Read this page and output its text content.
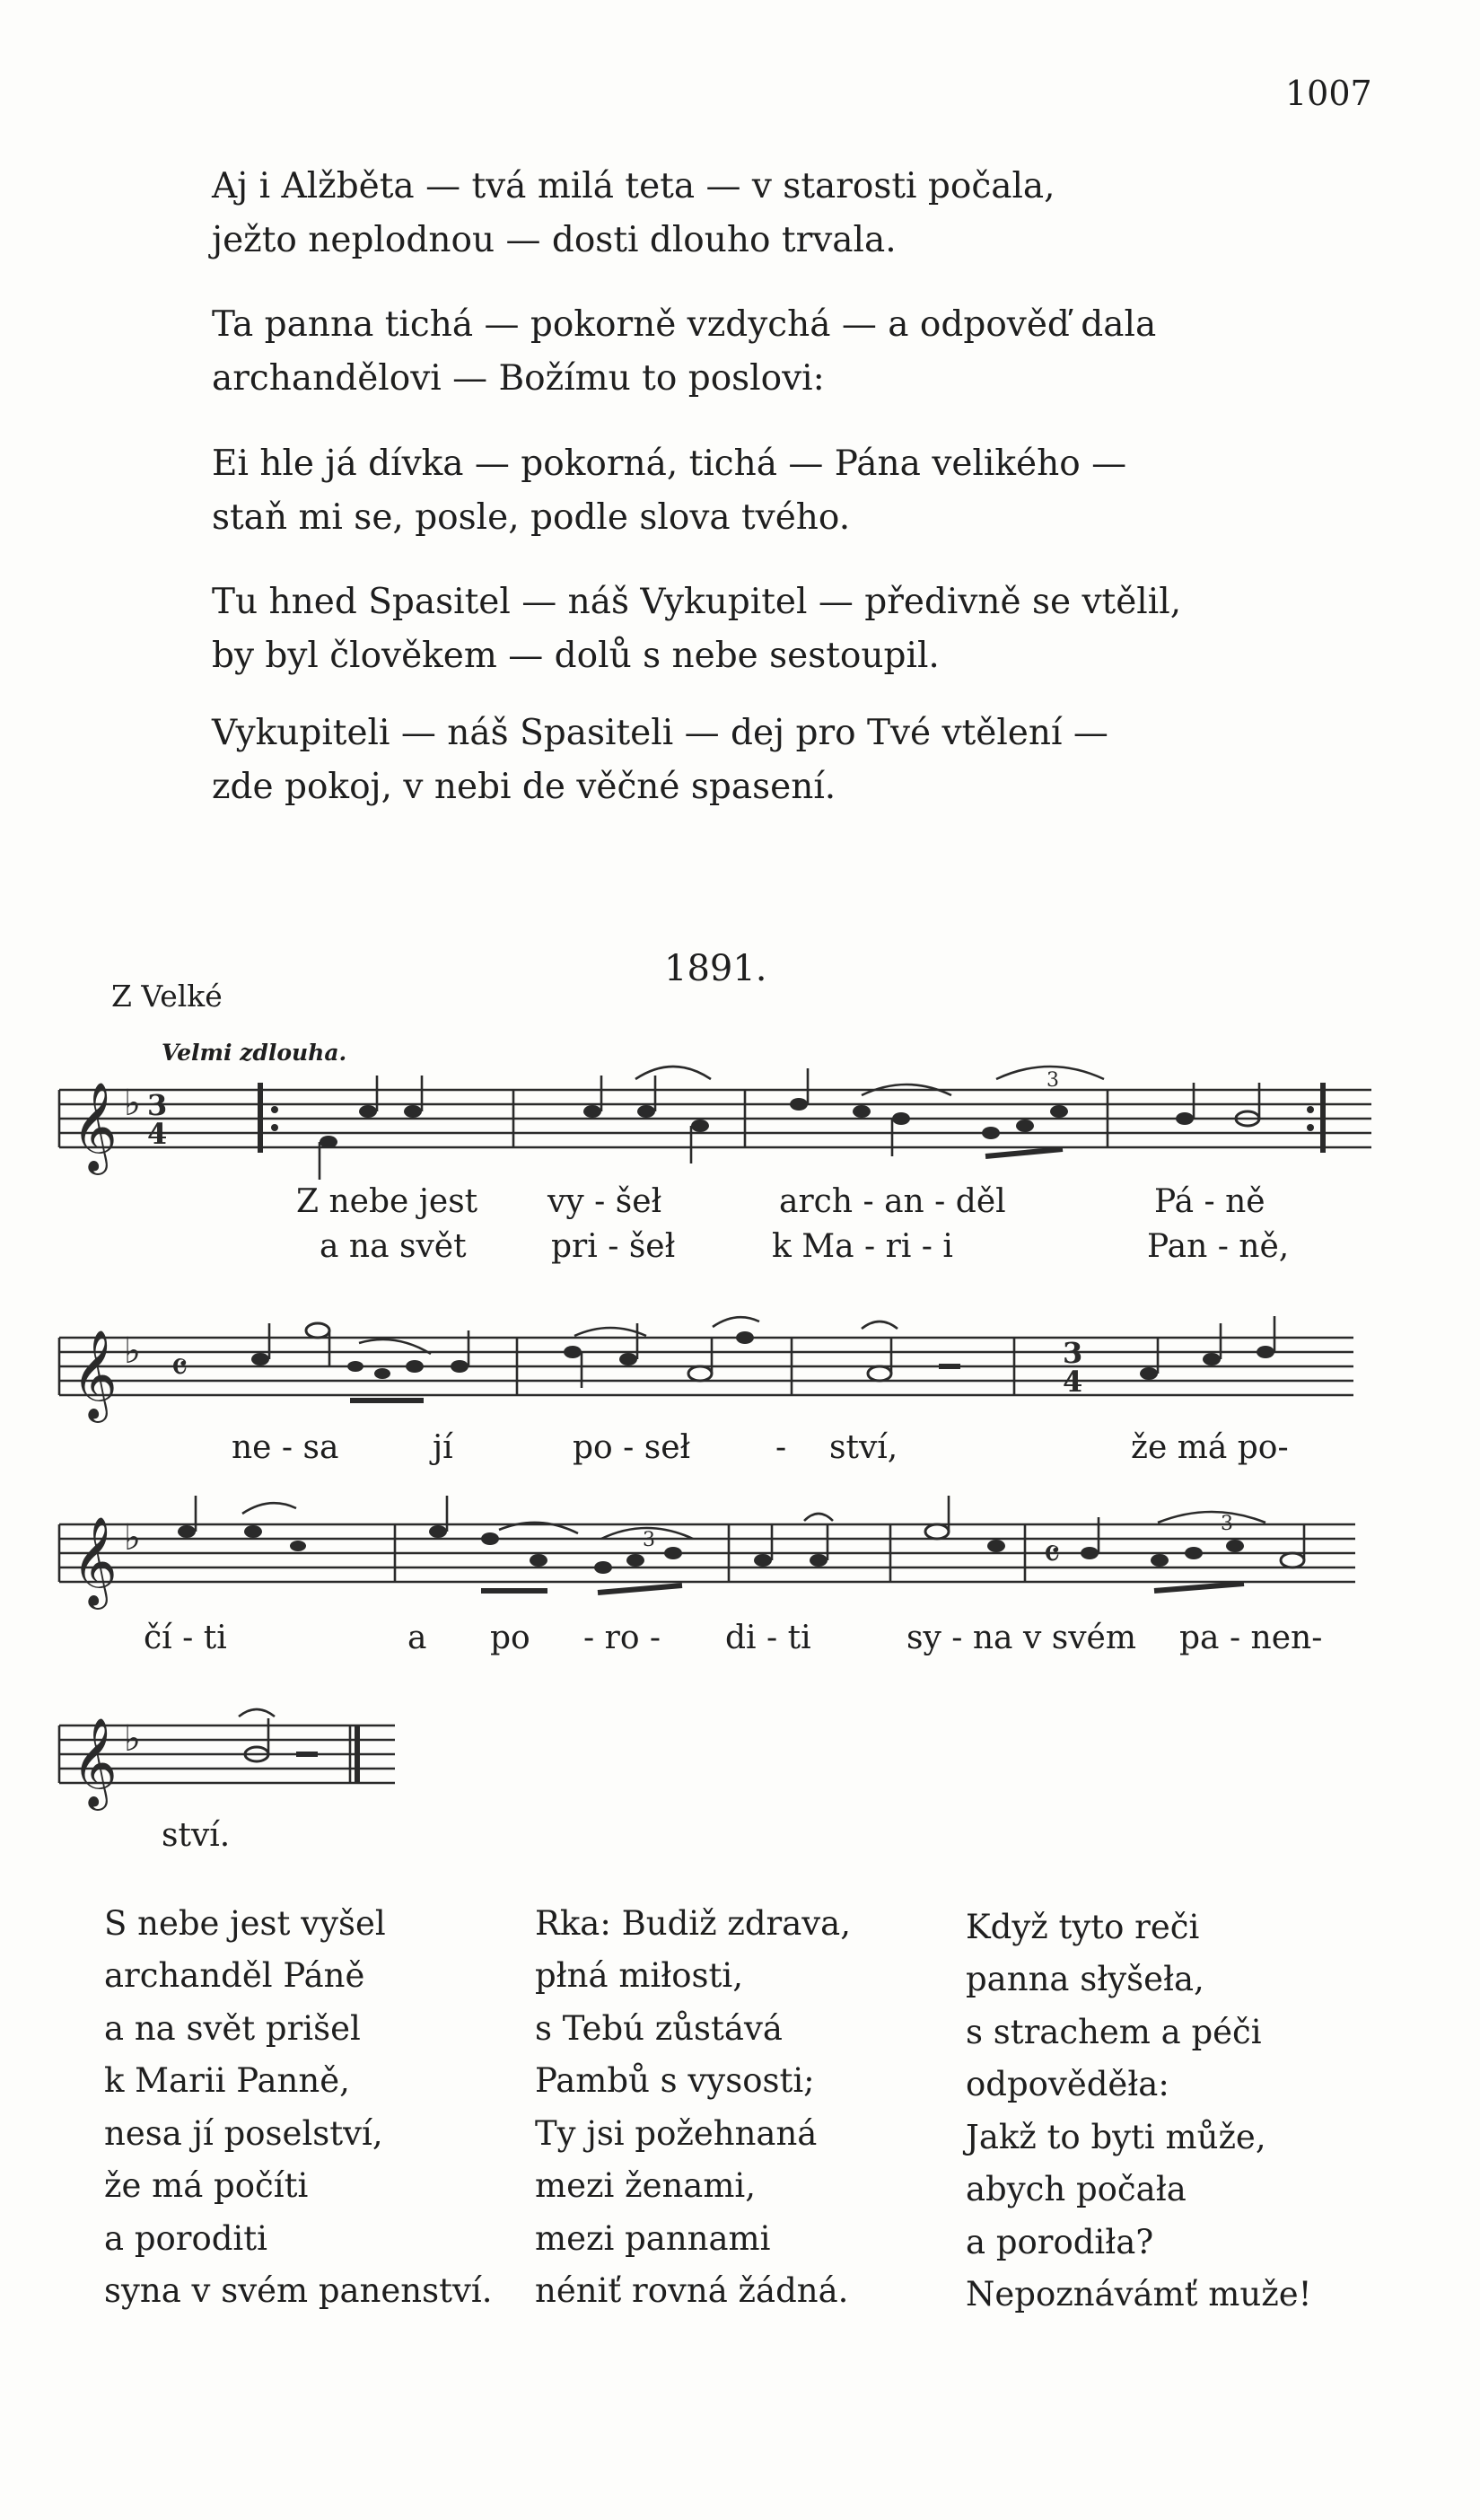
1007
Aj i Alžběta — tvá milá teta — v starosti počala,
ježto neplodnou — dosti dlouho trvala.
Ta panna tichá — pokorně vzdychá — a odpověď dala
archandělovi — Božímu to poslovi:
Ei hle já dívka — pokorná, tichá — Pána velikého —
staň mi se, posle, podle slova tvého.
Tu hned Spasitel — náš Vykupitel — předivně se vtělil,
by byl člověkem — dolů s nebe sestoupil.
Vykupiteli — náš Spasiteli — dej pro Tvé vtělení —
zde pokoj, v nebi de věčné spasení.
1891.
Z Velké
Velmi zdlouha.
𝄞 ♭ 3
4
3
Z nebe jest vy - šeł	arch - an - děl	Pá - ně
a na svět	pri - šeł	k Ma - ri - i	Pan - ně,
𝄞 ♭ 𝄴	3
4
ne - sa	jí	po - seł	- ství,	že má po-
𝄞 ♭	3	𝄴
3
čí - ti	a po - ro - di - ti	sy - na v svém pa - nen-
𝄞 ♭
ství.
S nebe jest vyšel
archanděl Páně
a na svět prišel
k Marii Panně,
nesa jí poselství,
že má počíti
a poroditi
syna v svém panenství.
Rka: Budiž zdrava,
płná miłosti,
s Tebú zůstává
Pambů s vysosti;
Ty jsi požehnaná
mezi ženami,
mezi pannami
néniť rovná žádná.
Když tyto reči
panna słyšeła,
s strachem a péči
odpověděła:
Jakž to byti může,
abych počała
a porodiła?
Nepoznávámť muže!
